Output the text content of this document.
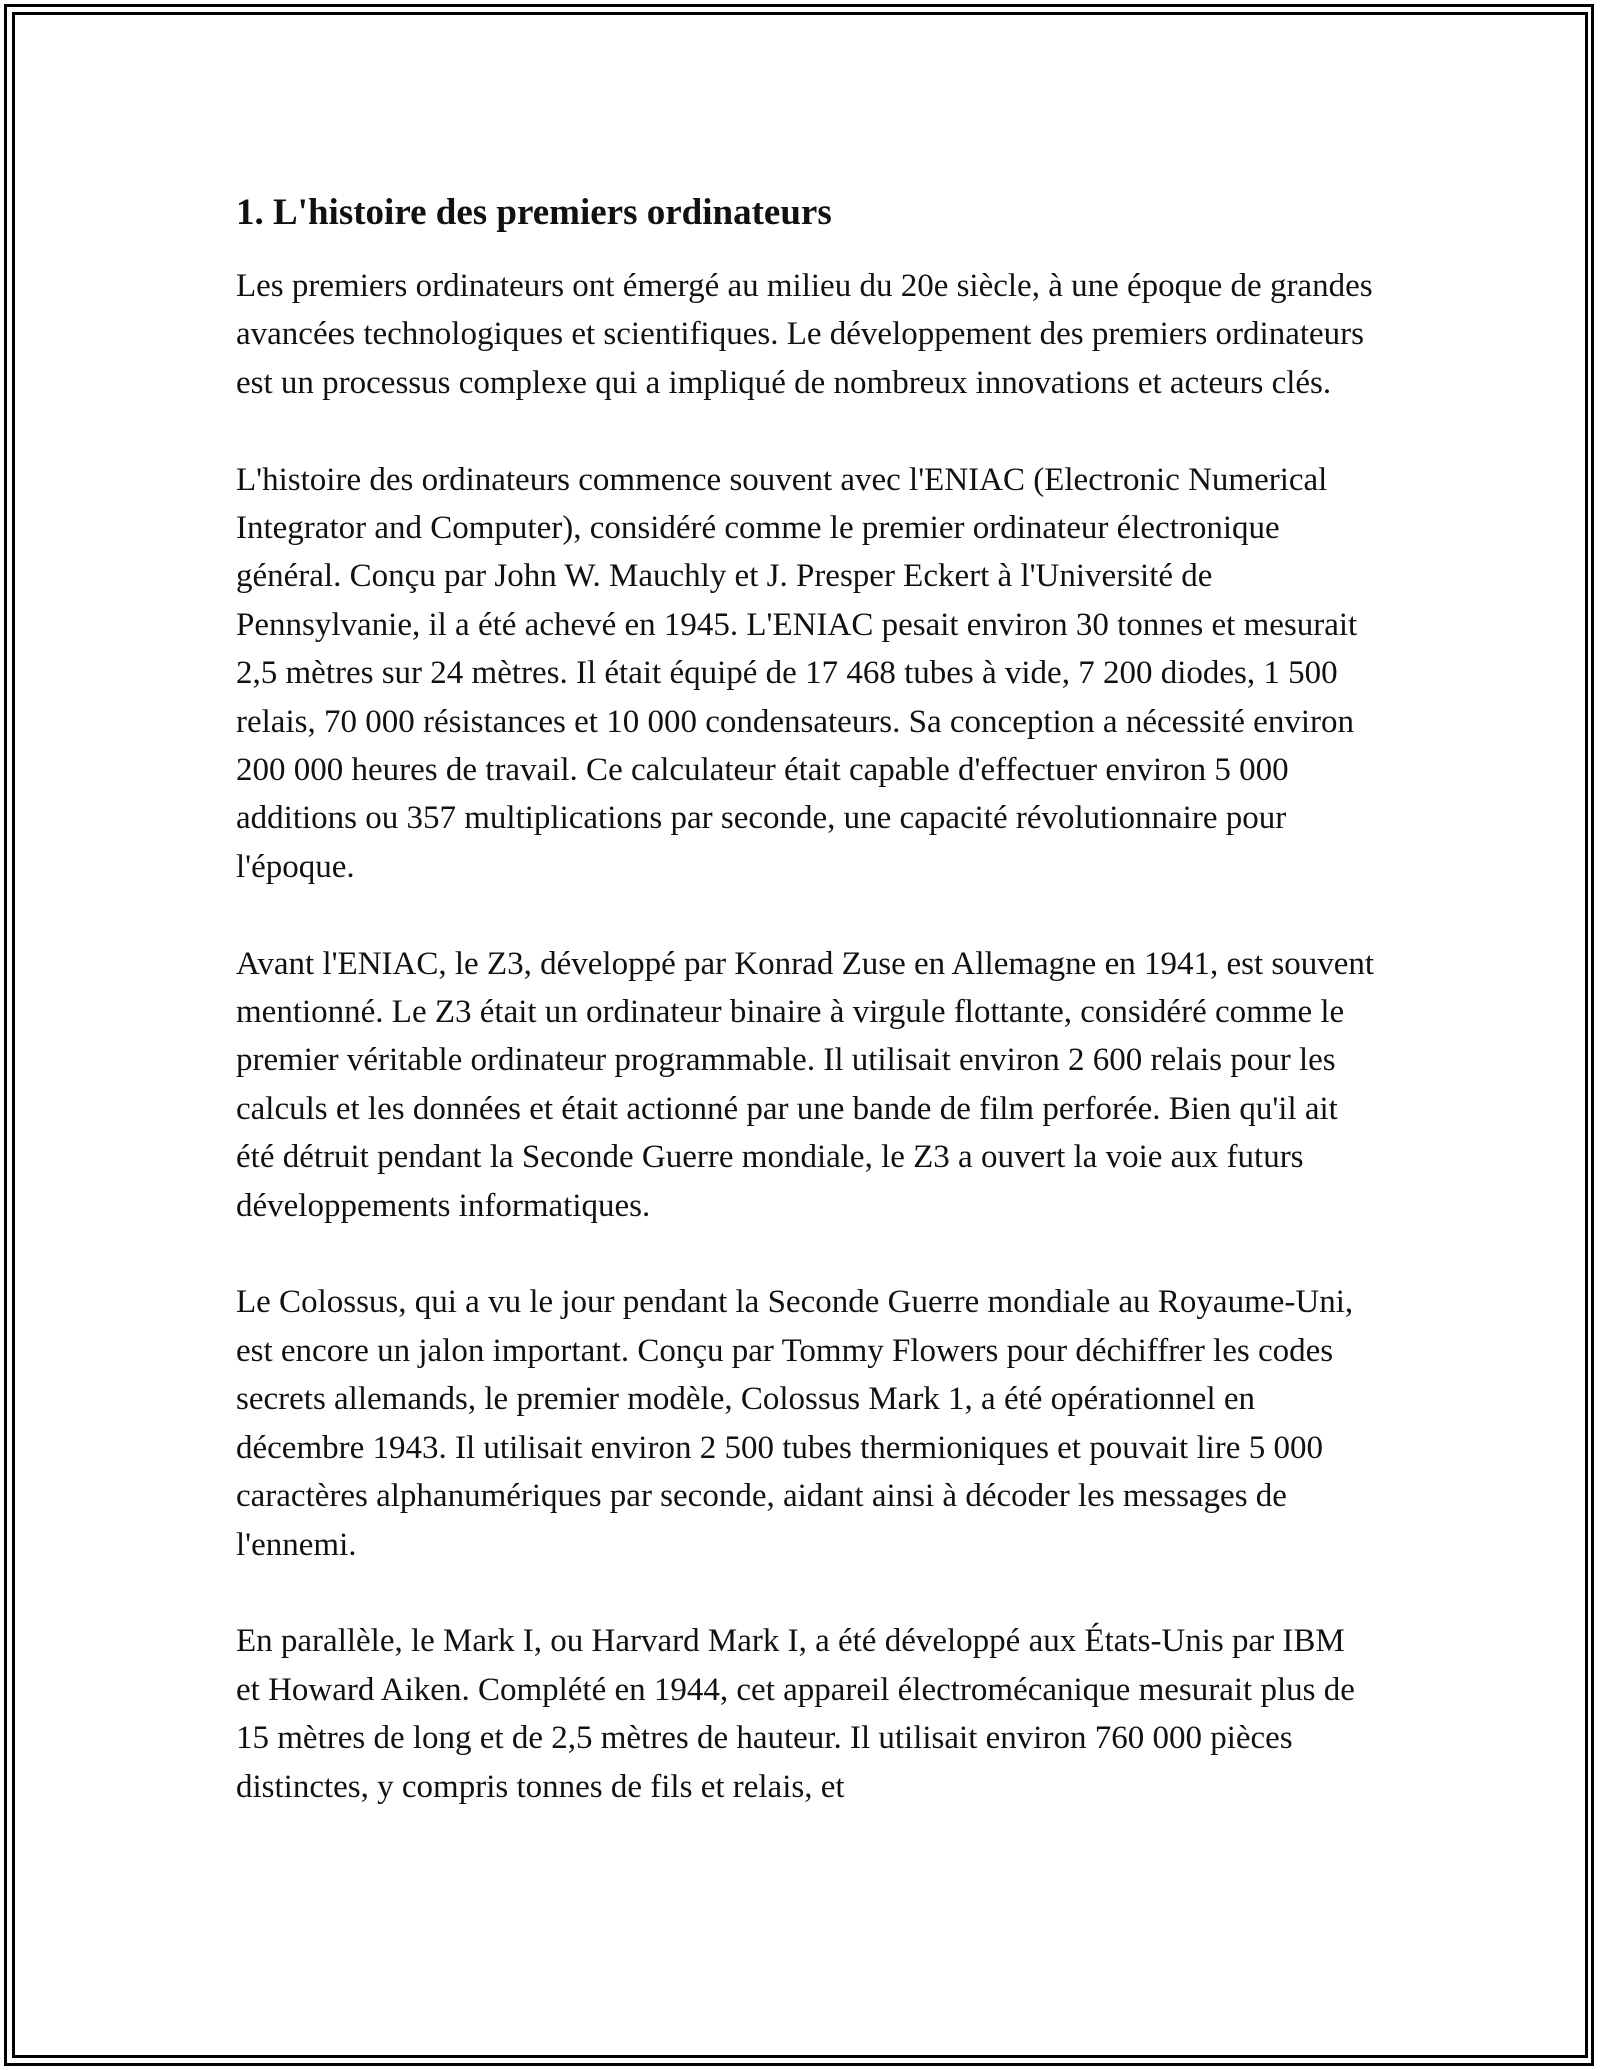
1. L'histoire des premiers ordinateurs

Les premiers ordinateurs ont émergé au milieu du 20e siècle, à une époque de grandes avancées technologiques et scientifiques. Le développement des premiers ordinateurs est un processus complexe qui a impliqué de nombreux innovations et acteurs clés.

L'histoire des ordinateurs commence souvent avec l'ENIAC (Electronic Numerical Integrator and Computer), considéré comme le premier ordinateur électronique général. Conçu par John W. Mauchly et J. Presper Eckert à l'Université de Pennsylvanie, il a été achevé en 1945. L'ENIAC pesait environ 30 tonnes et mesurait 2,5 mètres sur 24 mètres. Il était équipé de 17 468 tubes à vide, 7 200 diodes, 1 500 relais, 70 000 résistances et 10 000 condensateurs. Sa conception a nécessité environ 200 000 heures de travail. Ce calculateur était capable d'effectuer environ 5 000 additions ou 357 multiplications par seconde, une capacité révolutionnaire pour l'époque.

Avant l'ENIAC, le Z3, développé par Konrad Zuse en Allemagne en 1941, est souvent mentionné. Le Z3 était un ordinateur binaire à virgule flottante, considéré comme le premier véritable ordinateur programmable. Il utilisait environ 2 600 relais pour les calculs et les données et était actionné par une bande de film perforée. Bien qu'il ait été détruit pendant la Seconde Guerre mondiale, le Z3 a ouvert la voie aux futurs développements informatiques.

Le Colossus, qui a vu le jour pendant la Seconde Guerre mondiale au Royaume-Uni, est encore un jalon important. Conçu par Tommy Flowers pour déchiffrer les codes secrets allemands, le premier modèle, Colossus Mark 1, a été opérationnel en décembre 1943. Il utilisait environ 2 500 tubes thermioniques et pouvait lire 5 000 caractères alphanumériques par seconde, aidant ainsi à décoder les messages de l'ennemi.

En parallèle, le Mark I, ou Harvard Mark I, a été développé aux États-Unis par IBM et Howard Aiken. Complété en 1944, cet appareil électromécanique mesurait plus de 15 mètres de long et de 2,5 mètres de hauteur. Il utilisait environ 760 000 pièces distinctes, y compris tonnes de fils et relais, et
